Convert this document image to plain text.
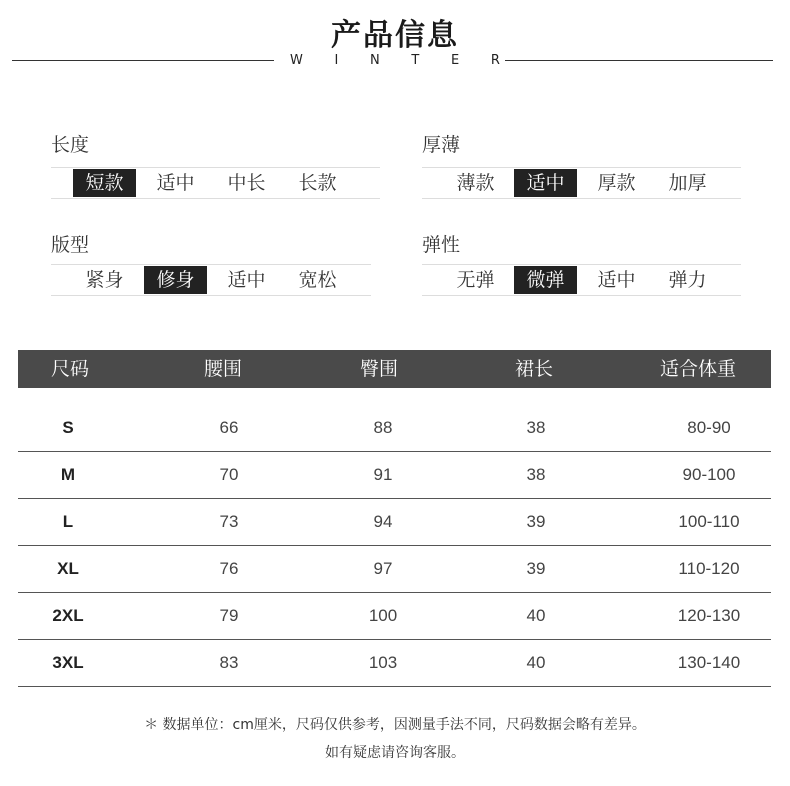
产品信息
W I N T E R
长度
短款	适中	中长	长款
厚薄
薄款	适中	厚款	加厚
版型
紧身	修身	适中	宽松
弹性
无弹	微弹	适中	弹力
尺码	腰围	臀围	裙长	适合体重
S	66	88	38	80-90
M	70	91	38	90-100
L	73	94	39	100-110
XL	76	97	39	110-120
2XL	79	100	40	120-130
3XL	83	103	40	130-140
＊ 数据单位：cm厘米，尺码仅供参考，因测量手法不同，尺码数据会略有差异。
如有疑虑请咨询客服。
